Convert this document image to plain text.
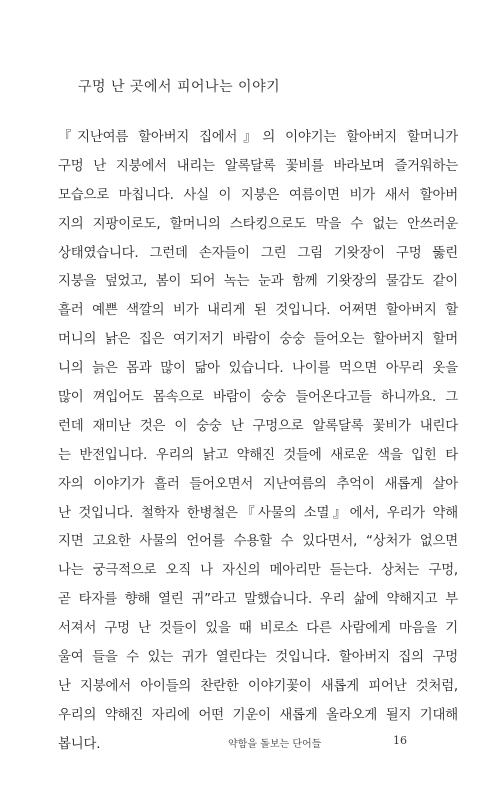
구멍 난 곳에서 피어나는 이야기
『지난여름 할아버지 집에서』의 이야기는 할아버지 할머니가
구멍 난 지붕에서 내리는 알록달록 꽃비를 바라보며 즐거워하는
모습으로 마칩니다. 사실 이 지붕은 여름이면 비가 새서 할아버
지의 지팡이로도, 할머니의 스타킹으로도 막을 수 없는 안쓰러운
상태였습니다. 그런데 손자들이 그린 그림 기왓장이 구멍 뚫린
지붕을 덮었고, 봄이 되어 녹는 눈과 함께 기왓장의 물감도 같이
흘러 예쁜 색깔의 비가 내리게 된 것입니다. 어쩌면 할아버지 할
머니의 낡은 집은 여기저기 바람이 숭숭 들어오는 할아버지 할머
니의 늙은 몸과 많이 닮아 있습니다. 나이를 먹으면 아무리 옷을
많이 껴입어도 몸속으로 바람이 숭숭 들어온다고들 하니까요. 그
런데 재미난 것은 이 숭숭 난 구멍으로 알록달록 꽃비가 내린다
는 반전입니다. 우리의 낡고 약해진 것들에 새로운 색을 입힌 타
자의 이야기가 흘러 들어오면서 지난여름의 추억이 새롭게 살아
난 것입니다. 철학자 한병철은『사물의 소멸』에서, 우리가 약해
지면 고요한 사물의 언어를 수용할 수 있다면서, “상처가 없으면
나는 궁극적으로 오직 나 자신의 메아리만 듣는다. 상처는 구멍,
곧 타자를 향해 열린 귀”라고 말했습니다. 우리 삶에 약해지고 부
서져서 구멍 난 것들이 있을 때 비로소 다른 사람에게 마음을 기
울여 들을 수 있는 귀가 열린다는 것입니다. 할아버지 집의 구멍
난 지붕에서 아이들의 찬란한 이야기꽃이 새롭게 피어난 것처럼,
우리의 약해진 자리에 어떤 기운이 새롭게 올라오게 될지 기대해
봅니다.	약함을 돌보는 단어들	16
